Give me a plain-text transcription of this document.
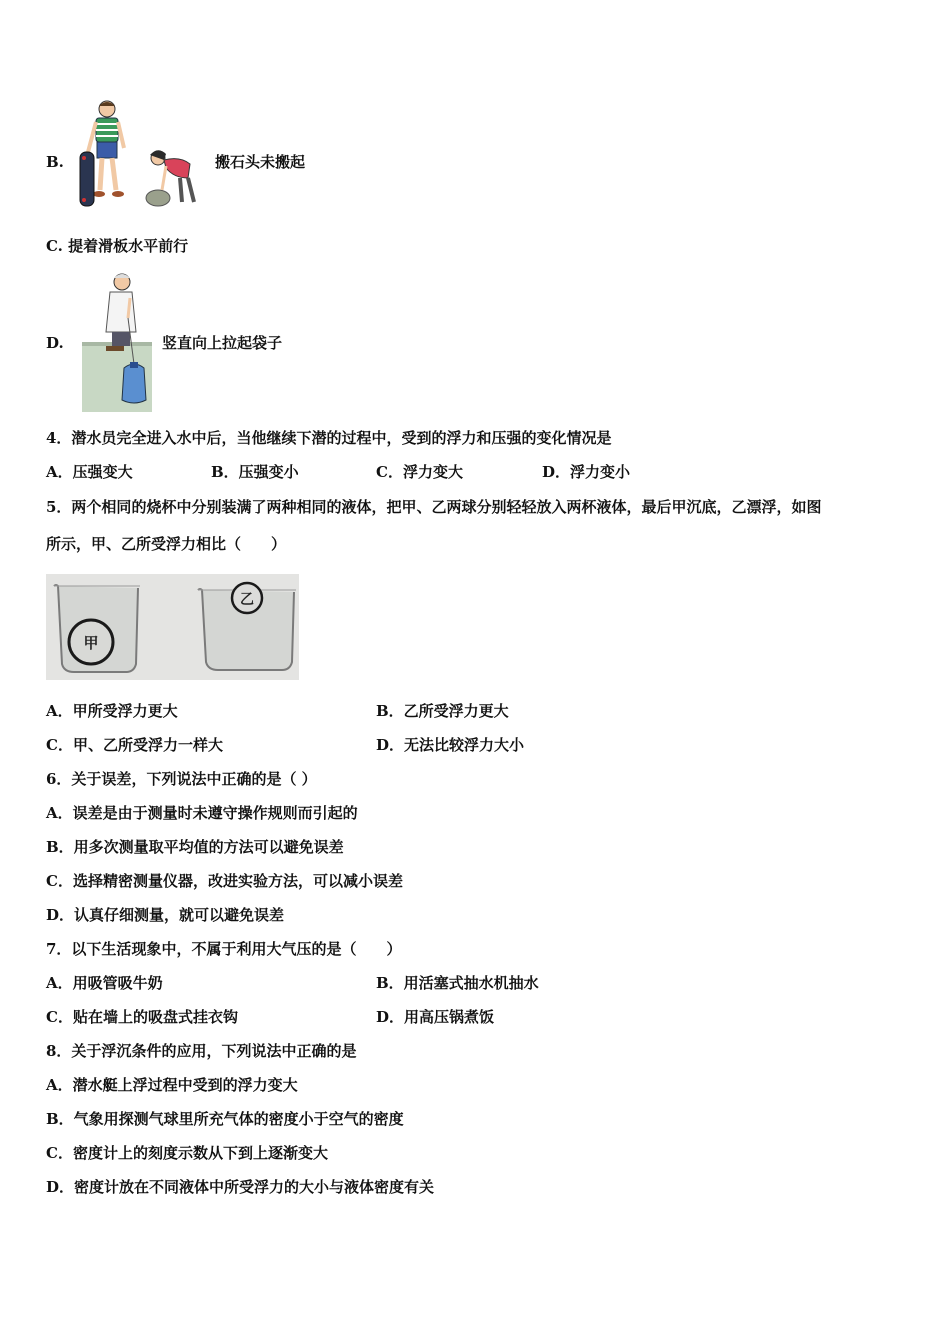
B.	搬石头未搬起
C. 提着滑板水平前行
D.	竖直向上拉起袋子
4．潜水员完全进入水中后，当他继续下潜的过程中，受到的浮力和压强的变化情况是
A．压强变大	B．压强变小	C．浮力变大	D．浮力变小
5．两个相同的烧杯中分别装满了两种相同的液体，把甲、乙两球分别轻轻放入两杯液体，最后甲沉底，乙漂浮，如图
所示，甲、乙所受浮力相比（　　）
甲
乙
A．甲所受浮力更大	B．乙所受浮力更大
C．甲、乙所受浮力一样大	D．无法比较浮力大小
6．关于误差，下列说法中正确的是（ ）
A．误差是由于测量时未遵守操作规则而引起的
B．用多次测量取平均值的方法可以避免误差
C．选择精密测量仪器，改进实验方法，可以减小误差
D．认真仔细测量，就可以避免误差
7．以下生活现象中，不属于利用大气压的是（　　）
A．用吸管吸牛奶	B．用活塞式抽水机抽水
C．贴在墙上的吸盘式挂衣钩	D．用高压锅煮饭
8．关于浮沉条件的应用，下列说法中正确的是
A．潜水艇上浮过程中受到的浮力变大
B．气象用探测气球里所充气体的密度小于空气的密度
C．密度计上的刻度示数从下到上逐渐变大
D．密度计放在不同液体中所受浮力的大小与液体密度有关
